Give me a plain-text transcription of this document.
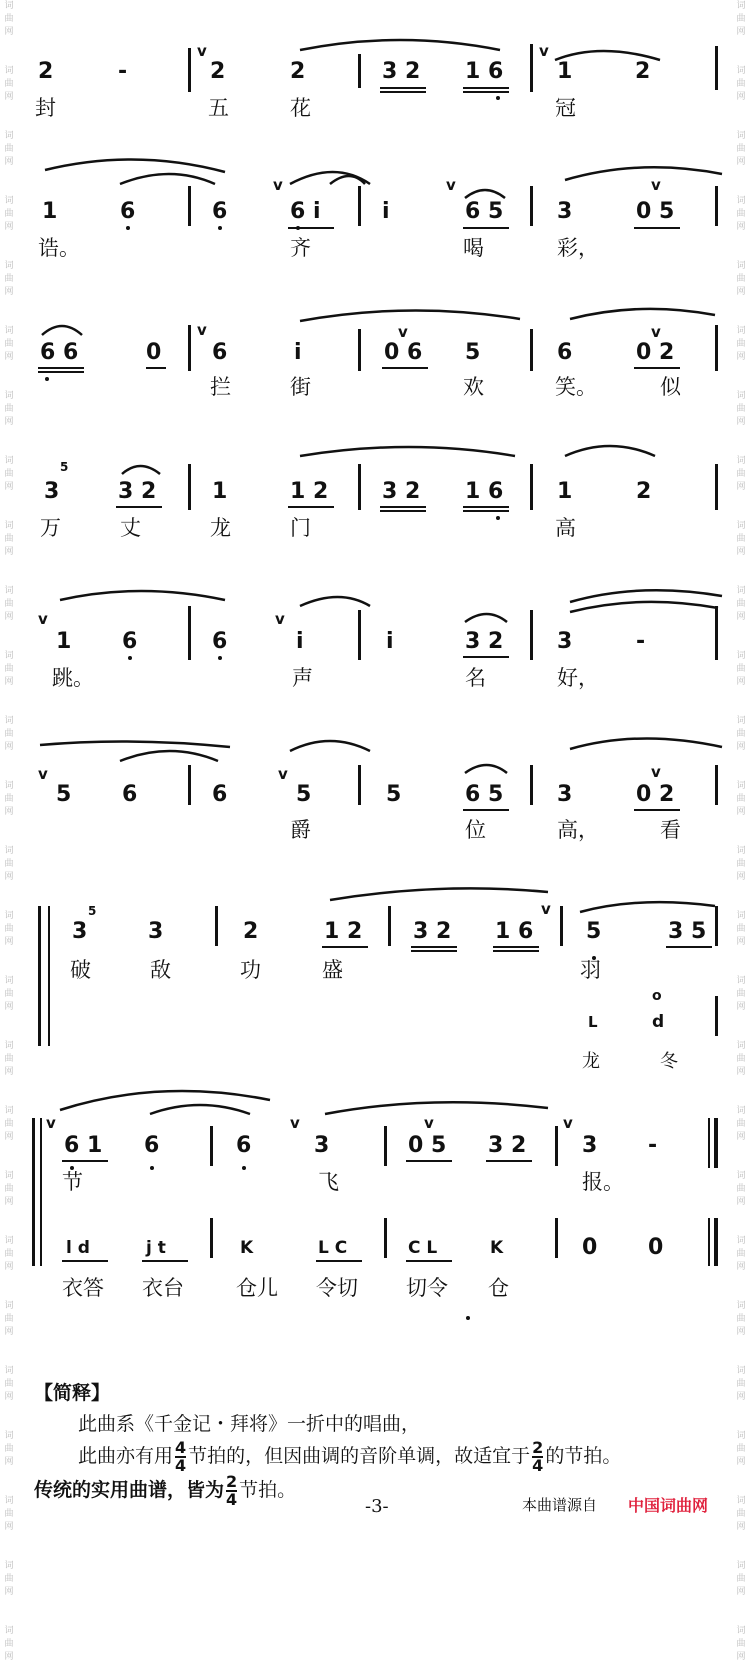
词
曲
网

词
曲
网

词
曲
网

词
曲
网

词
曲
网

词
曲
网

词
曲
网

词
曲
网

词
曲
网

词
曲
网

词
曲
网

词
曲
网

词
曲
网

词
曲
网

词
曲
网

词
曲
网

词
曲
网

词
曲
网

词
曲
网

词
曲
网

词
曲
网

词
曲
网

词
曲
网

词
曲
网

词
曲
网

词
曲
网

词
曲
网

词
曲
网

词
曲
网

词
曲
网

词
曲
网

词
曲
网

词
曲
网

词
曲
网

词
曲
网

词
曲
网

词
曲
网

词
曲
网

词
曲
网

词
曲
网

词
曲
网

词
曲
网

词
曲
网

词
曲
网

词
曲
网

词
曲
网

词
曲
网

词
曲
网

词
曲
网

词
曲
网

词
曲
网

词
曲
网

v	v
2	-	2	2	3 2 1 6 1	2
封	五	花	冠
v	v	v
1	6	6	6 i	i	6 5 3	0 5
诰。	齐	喝	彩，
v	v	v
6 6	0 6	i	0 6 5	6	0 2
拦	街	欢	笑。	似
5
3	3 2	1	1 2 3 2 1 6 1	2
万	丈	龙	门	高
v	v
1 6	6	i	i	3 2 3	-
跳。	声	名	好，
v	v	v
5 6	6	5	5	6 5 3	0 2
爵	位	高，	看
v
5
3	3	2	1 2 3 2 1 6 5	3 5
破	敌	功	盛	羽
o
L	d
龙	冬
v	v	v	v
6 1 6	6	3	0 5 3 2	3 -
节	飞	报。
l d	j t	K	L C	C L	K	0 0
衣答 衣台 仓儿 令切 切令 仓
【简释】
此曲系《千金记・拜将》一折中的唱曲，
此曲亦有用 $\frac{4}{4}$ 节拍的，但因曲调的音阶单调，故适宜于 $\frac{2}{4}$ 的节拍。
传统的实用曲谱，皆为 $\frac{2}{4}$ 节拍。
-3-	本曲谱源自 中国词曲网
